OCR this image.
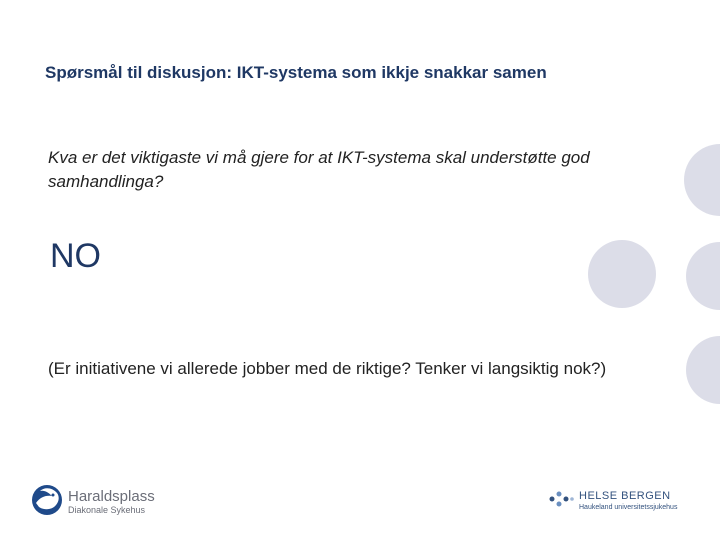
Spørsmål til diskusjon: IKT-systema som ikkje snakkar samen
Kva er det viktigaste vi må gjere for at IKT-systema skal understøtte god samhandlinga?
NO
(Er initiativene vi allerede jobber med de riktige? Tenker vi langsiktig nok?)
Haraldsplass
Diakonale Sykehus
HELSE BERGEN
Haukeland universitetssjukehus
